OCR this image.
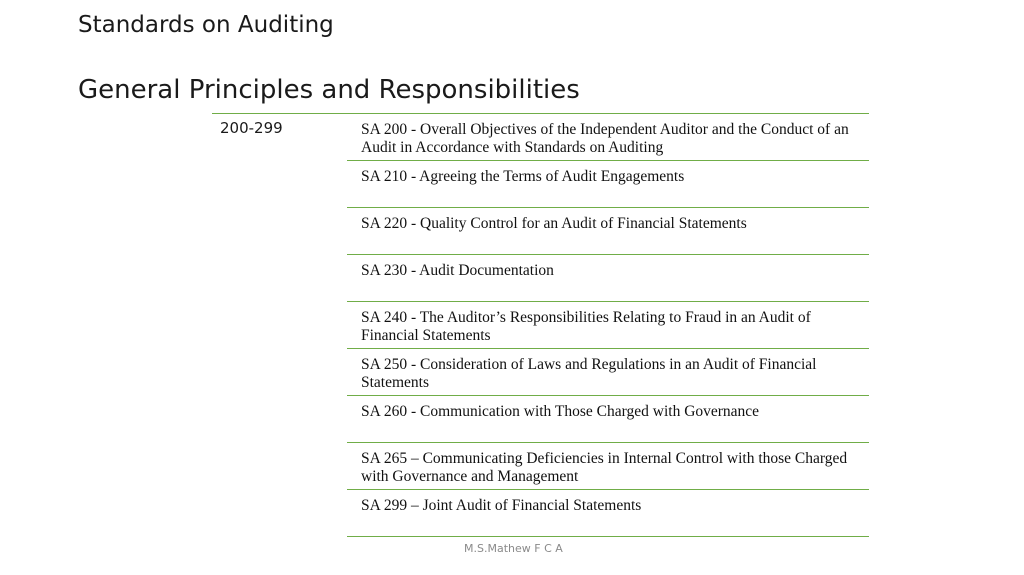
Standards on Auditing
General Principles and Responsibilities
200-299	SA 200 - Overall Objectives of the Independent Auditor and the Conduct of an Audit in Accordance with Standards on Auditing
SA 210 - Agreeing the Terms of Audit Engagements
SA 220 - Quality Control for an Audit of Financial Statements
SA 230 - Audit Documentation
SA 240 - The Auditor’s Responsibilities Relating to Fraud in an Audit of Financial Statements
SA 250 - Consideration of Laws and Regulations in an Audit of Financial Statements
SA 260 - Communication with Those Charged with Governance
SA 265 – Communicating Deficiencies in Internal Control with those Charged with Governance and Management
SA 299 – Joint Audit of Financial Statements
M.S.Mathew F C A
